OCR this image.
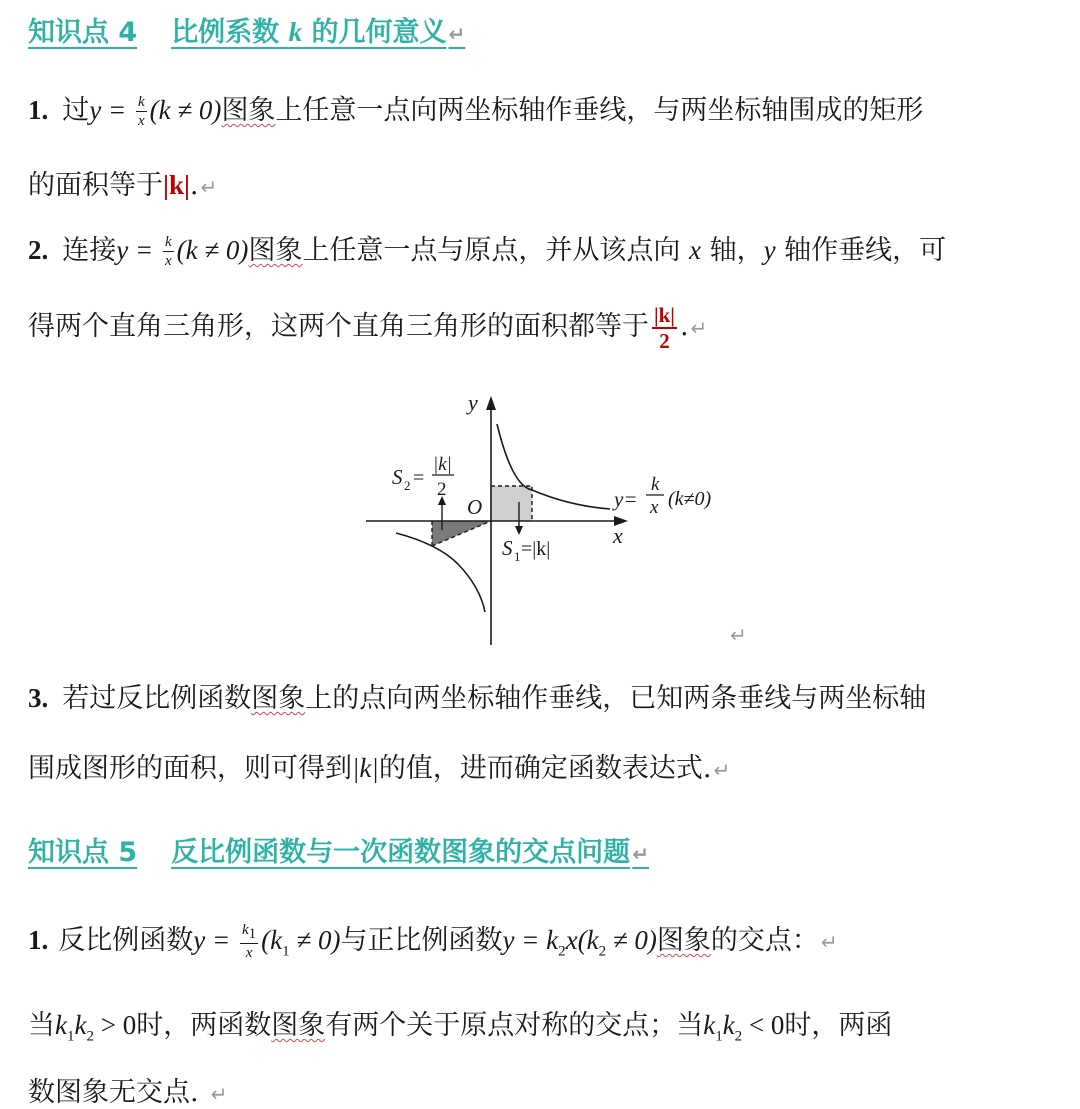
知识点 4 比例系数 k 的几何意义 ↵
1. 过$y = \frac{k}{x} (k \ne 0)$图象上任意一点向两坐标轴作垂线，与两坐标轴围成的矩形
的面积等于|k|. ↵
2. 连接$y = \frac{k}{x} (k \ne 0)$图象上任意一点与原点，并从该点向 x 轴，y 轴作垂线，可
得两个直角三角形，这两个直角三角形的面积都等于 $\frac{|k|}{2}$ . ↵
y
x
O
S 2 =
|k|
2
S 1 =|k|
y=
k
x (k≠0)
↵
3. 若过反比例函数图象上的点向两坐标轴作垂线，已知两条垂线与两坐标轴
围成图形的面积，则可得到|k|的值，进而确定函数表达式. ↵
知识点 5 反比例函数与一次函数图象的交点问题 ↵
1. 反比例函数$y = \frac{k_1}{x} (k_1 \ne 0)$与正比例函数$y = k_2x(k_2 \ne 0)$图象的交点： ↵
当$k_1k_2 > 0$时，两函数图象有两个关于原点对称的交点；当$k_1k_2 < 0$时，两函
数图象无交点. ↵
